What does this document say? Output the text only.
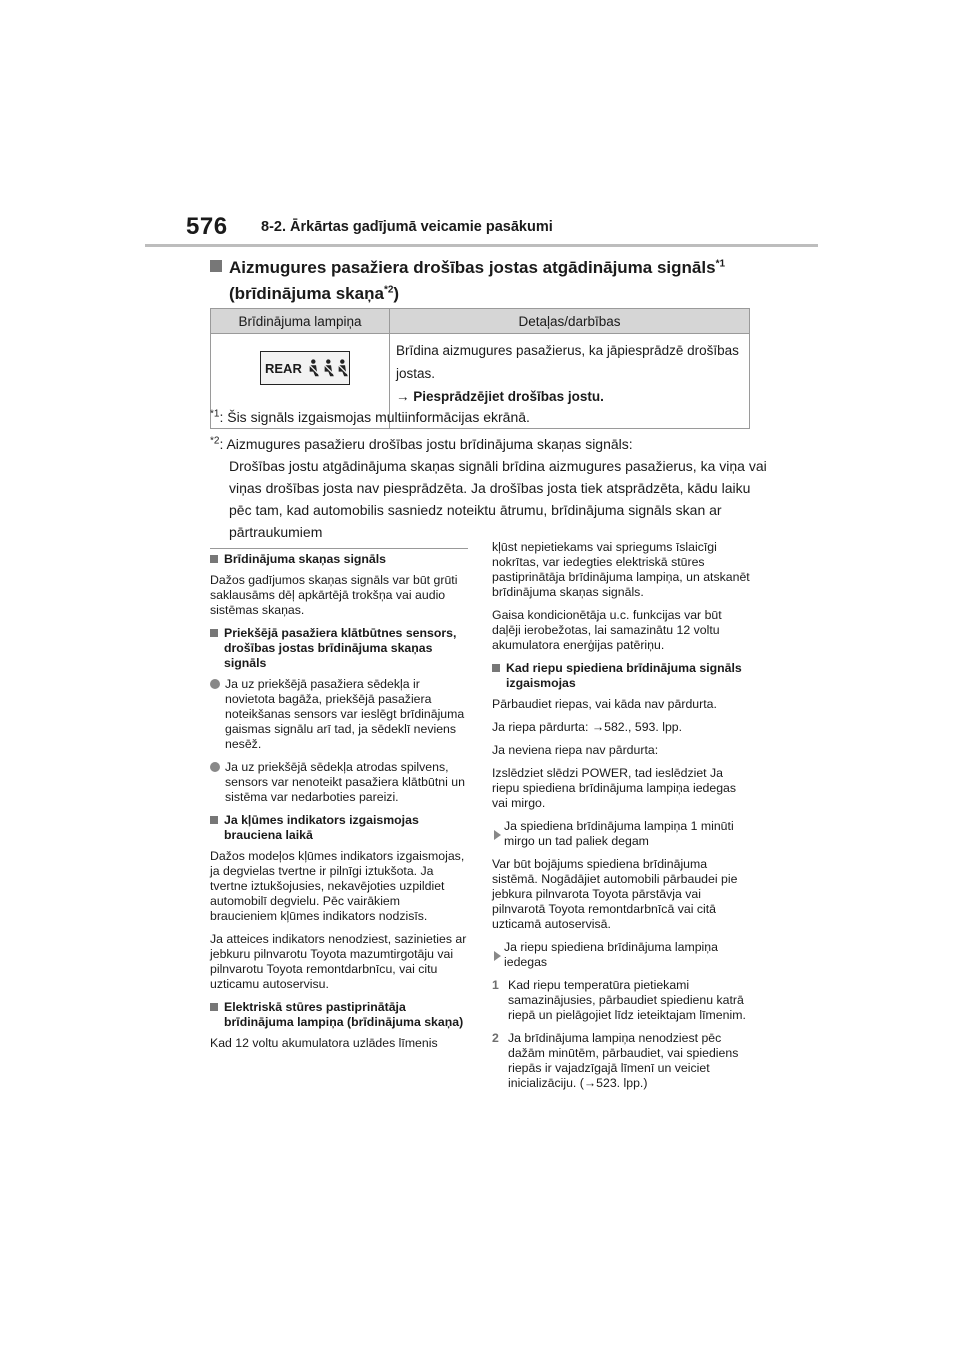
576 8-2. Ārkārtas gadījumā veicamie pasākumi
Aizmugures pasažiera drošības jostas atgādinājuma signāls$^{*1}$
(brīdinājuma skaņa$^{*2}$)
Brīdinājuma lampiņa	Detaļas/darbības

REAR	Brīdina aizmugures pasažierus, ka jāpiesprādzē drošības jostas.
→ Piesprādzējiet drošības jostu.
$^{*1}$: Šis signāls izgaismojas multiinformācijas ekrānā.
$^{*2}$: Aizmugures pasažieru drošības jostu brīdinājuma skaņas signāls:
Drošības jostu atgādinājuma skaņas signāli brīdina aizmugures pasažierus, ka viņa vai viņas drošības josta nav piesprādzēta. Ja drošības josta tiek atsprādzēta, kādu laiku pēc tam, kad automobilis sasniedz noteiktu ātrumu, brīdinājuma signāls skan ar pārtraukumiem
Brīdinājuma skaņas signāls

Dažos gadījumos skaņas signāls var būt grūti saklausāms dēļ apkārtējā trokšņa vai audio sistēmas skaņas.

Priekšējā pasažiera klātbūtnes sensors, drošības jostas brīdinājuma skaņas signāls
Ja uz priekšējā pasažiera sēdekļa ir novietota bagāža, priekšējā pasažiera noteikšanas sensors var ieslēgt brīdinājuma gaismas signālu arī tad, ja sēdeklī neviens nesēž.
Ja uz priekšējā sēdekļa atrodas spilvens, sensors var nenoteikt pasažiera klātbūtni un sistēma var nedarboties pareizi.
Ja kļūmes indikators izgaismojas brauciena laikā

Dažos modeļos kļūmes indikators izgaismojas, ja degvielas tvertne ir pilnīgi iztukšota. Ja tvertne iztukšojusies, nekavējoties uzpildiet automobilī degvielu. Pēc vairākiem braucieniem kļūmes indikators nodzisīs.

Ja atteices indikators nenodziest, sazinieties ar jebkuru pilnvarotu Toyota mazumtirgotāju vai pilnvarotu Toyota remontdarbnīcu, vai citu uzticamu autoservisu.

Elektriskā stūres pastiprinātāja brīdinājuma lampiņa (brīdinājuma skaņa)

Kad 12 voltu akumulatora uzlādes līmenis

kļūst nepietiekams vai spriegums īslaicīgi nokrītas, var iedegties elektriskā stūres pastiprinātāja brīdinājuma lampiņa, un atskanēt brīdinājuma skaņas signāls.

Gaisa kondicionētāja u.c. funkcijas var būt daļēji ierobežotas, lai samazinātu 12 voltu akumulatora enerģijas patēriņu.

Kad riepu spiediena brīdinājuma signāls izgaismojas

Pārbaudiet riepas, vai kāda nav pārdurta.

Ja riepa pārdurta: →582., 593. lpp.

Ja neviena riepa nav pārdurta:

Izslēdziet slēdzi POWER, tad ieslēdziet Ja riepu spiediena brīdinājuma lampiņa iedegas vai mirgo.

Ja spiediena brīdinājuma lampiņa 1 minūti mirgo un tad paliek degam

Var būt bojājums spiediena brīdinājuma sistēmā. Nogādājiet automobili pārbaudei pie jebkura pilnvarota Toyota pārstāvja vai pilnvarotā Toyota remontdarbnīcā vai citā uzticamā autoservisā.

Ja riepu spiediena brīdinājuma lampiņa iedegas
1 Kad riepu temperatūra pietiekami samazinājusies, pārbaudiet spiedienu katrā riepā un pielāgojiet līdz ieteiktajam līmenim.
2 Ja brīdinājuma lampiņa nenodziest pēc dažām minūtēm, pārbaudiet, vai spiediens riepās ir vajadzīgajā līmenī un veiciet inicializāciju. (→523. lpp.)
